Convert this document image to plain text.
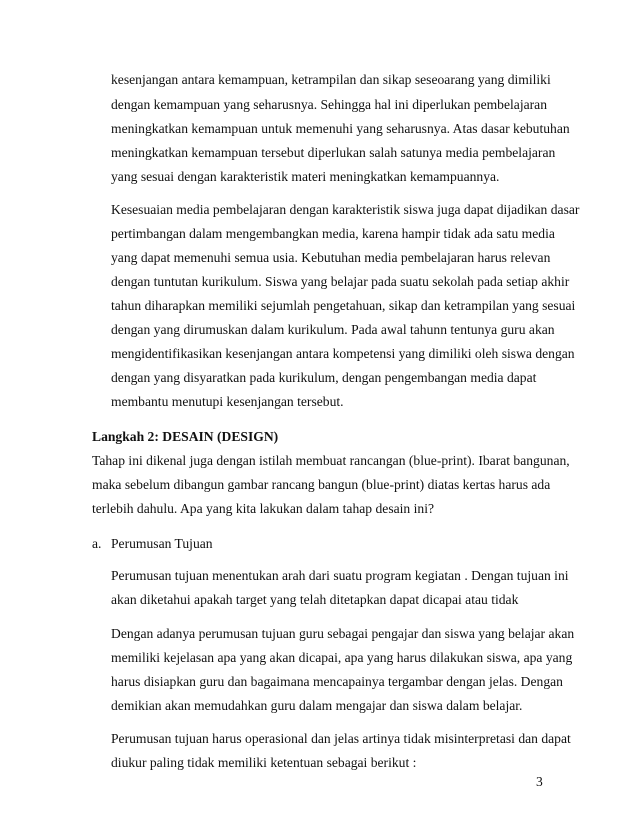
kesenjangan antara kemampuan, ketrampilan dan sikap seseoarang yang dimiliki
dengan kemampuan yang seharusnya. Sehingga hal ini diperlukan pembelajaran
meningkatkan kemampuan untuk memenuhi yang seharusnya. Atas dasar kebutuhan
meningkatkan kemampuan tersebut diperlukan salah satunya media pembelajaran
yang sesuai dengan karakteristik materi meningkatkan kemampuannya.
Kesesuaian media pembelajaran dengan karakteristik siswa juga dapat dijadikan dasar
pertimbangan dalam mengembangkan media, karena hampir tidak ada satu media
yang dapat memenuhi semua usia. Kebutuhan media pembelajaran harus relevan
dengan tuntutan kurikulum. Siswa yang belajar pada suatu sekolah pada setiap akhir
tahun diharapkan memiliki sejumlah pengetahuan, sikap dan ketrampilan yang sesuai
dengan yang dirumuskan dalam kurikulum. Pada awal tahunn tentunya guru akan
mengidentifikasikan kesenjangan antara kompetensi yang dimiliki oleh siswa dengan
dengan yang disyaratkan pada kurikulum, dengan pengembangan media dapat
membantu menutupi kesenjangan tersebut.
Langkah 2: DESAIN (DESIGN)
Tahap ini dikenal juga dengan istilah membuat rancangan (blue-print). Ibarat bangunan,
maka sebelum dibangun gambar rancang bangun (blue-print) diatas kertas harus ada
terlebih dahulu. Apa yang kita lakukan dalam tahap desain ini?
a. Perumusan Tujuan
Perumusan tujuan menentukan arah dari suatu program kegiatan . Dengan tujuan ini
akan diketahui apakah target yang telah ditetapkan dapat dicapai atau tidak
Dengan adanya perumusan tujuan guru sebagai pengajar dan siswa yang belajar akan
memiliki kejelasan apa yang akan dicapai, apa yang harus dilakukan siswa, apa yang
harus disiapkan guru dan bagaimana mencapainya tergambar dengan jelas. Dengan
demikian akan memudahkan guru dalam mengajar dan siswa dalam belajar.
Perumusan tujuan harus operasional dan jelas artinya tidak misinterpretasi dan dapat
diukur paling tidak memiliki ketentuan sebagai berikut :
3
